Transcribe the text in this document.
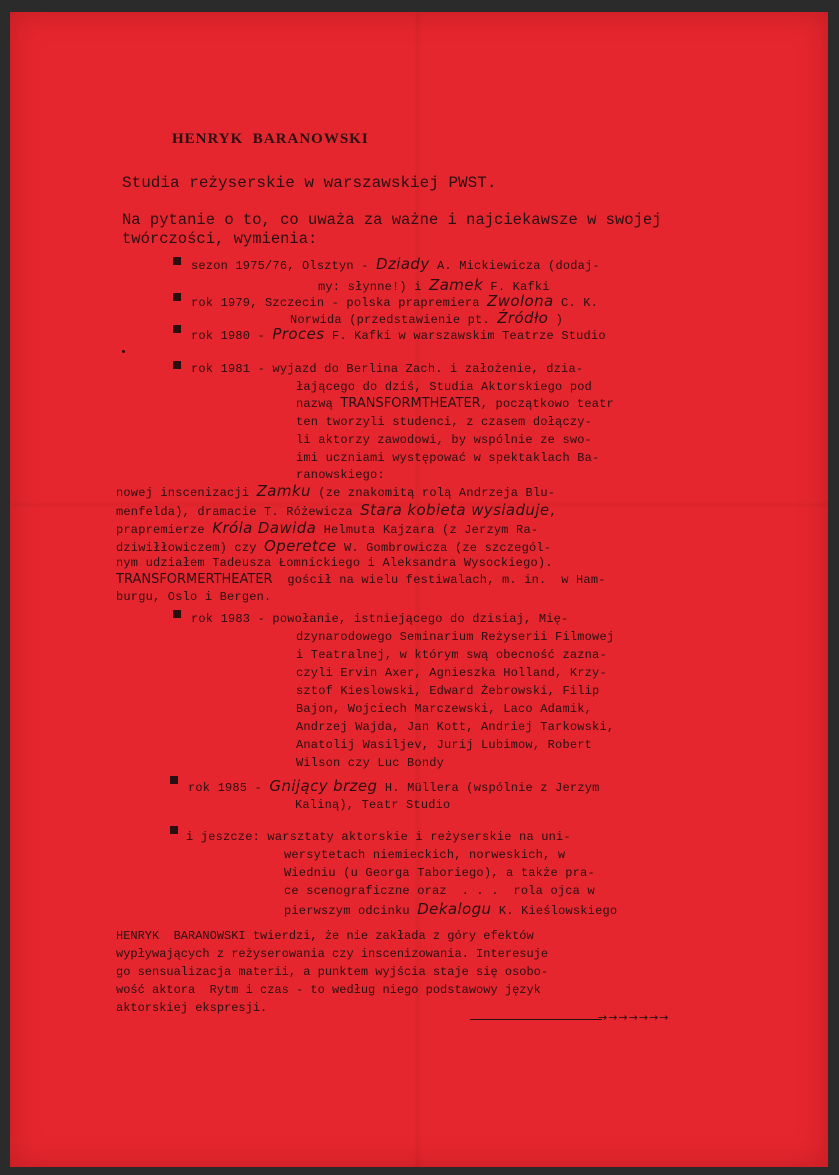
HENRYK  BARANOWSKI
Studia reżyserskie w warszawskiej PWST.
Na pytanie o to, co uważa za ważne i najciekawsze w swojej
twórczości, wymienia:
sezon 1975/76, Olsztyn - Dziady A. Mickiewicza (dodaj-
my: słynne!) i Zamek F. Kafki
rok 1979, Szczecin - polska prapremiera Zwolona C. K.
Norwida (przedstawienie pt. Źródło )
rok 1980 - Proces F. Kafki w warszawskim Teatrze Studio
rok 1981 - wyjazd do Berlina Zach. i założenie, dzia-
łającego do dziś, Studia Aktorskiego pod
nazwą TRANSFORMTHEATER, początkowo teatr
ten tworzyli studenci, z czasem dołączy-
li aktorzy zawodowi, by wspólnie ze swo-
imi uczniami występować w spektaklach Ba-
ranowskiego:
nowej inscenizacji Zamku (ze znakomitą rolą Andrzeja Blu-
menfelda), dramacie T. Różewicza Stara kobieta wysiaduje,
prapremierze Króla Dawida Helmuta Kajzara (z Jerzym Ra-
dziwiłłowiczem) czy Operetce W. Gombrowicza (ze szczegól-
nym udziałem Tadeusza Łomnickiego i Aleksandra Wysockiego).
TRANSFORMERTHEATER  gościł na wielu festiwalach, m. in.  w Ham-
burgu, Oslo i Bergen.
rok 1983 - powołanie, istniejącego do dzisiaj, Mię-
dzynarodowego Seminarium Reżyserii Filmowej
i Teatralnej, w którym swą obecność zazna-
czyli Ervin Axer, Agnieszka Holland, Krzy-
sztof Kieslowski, Edward Żebrowski, Filip
Bajon, Wojciech Marczewski, Laco Adamik,
Andrzej Wajda, Jan Kott, Andriej Tarkowski,
Anatolij Wasiljev, Jurij Lubimow, Robert
Wilson czy Luc Bondy
rok 1985 - Gnijący brzeg H. Müllera (wspólnie z Jerzym
Kaliną), Teatr Studio
i jeszcze: warsztaty aktorskie i reżyserskie na uni-
wersytetach niemieckich, norweskich, w
Wiedniu (u Georga Taboriego), a także pra-
ce scenograficzne oraz  . . .  rola ojca w
pierwszym odcinku Dekalogu K. Kieślowskiego
HENRYK  BARANOWSKI twierdzi, że nie zakłada z góry efektów
wypływających z reżyserowania czy inscenizowania. Interesuje
go sensualizacja materii, a punktem wyjścia staje się osobo-
wość aktora  Rytm i czas - to według niego podstawowy język
aktorskiej ekspresji.
→→→→→→→
